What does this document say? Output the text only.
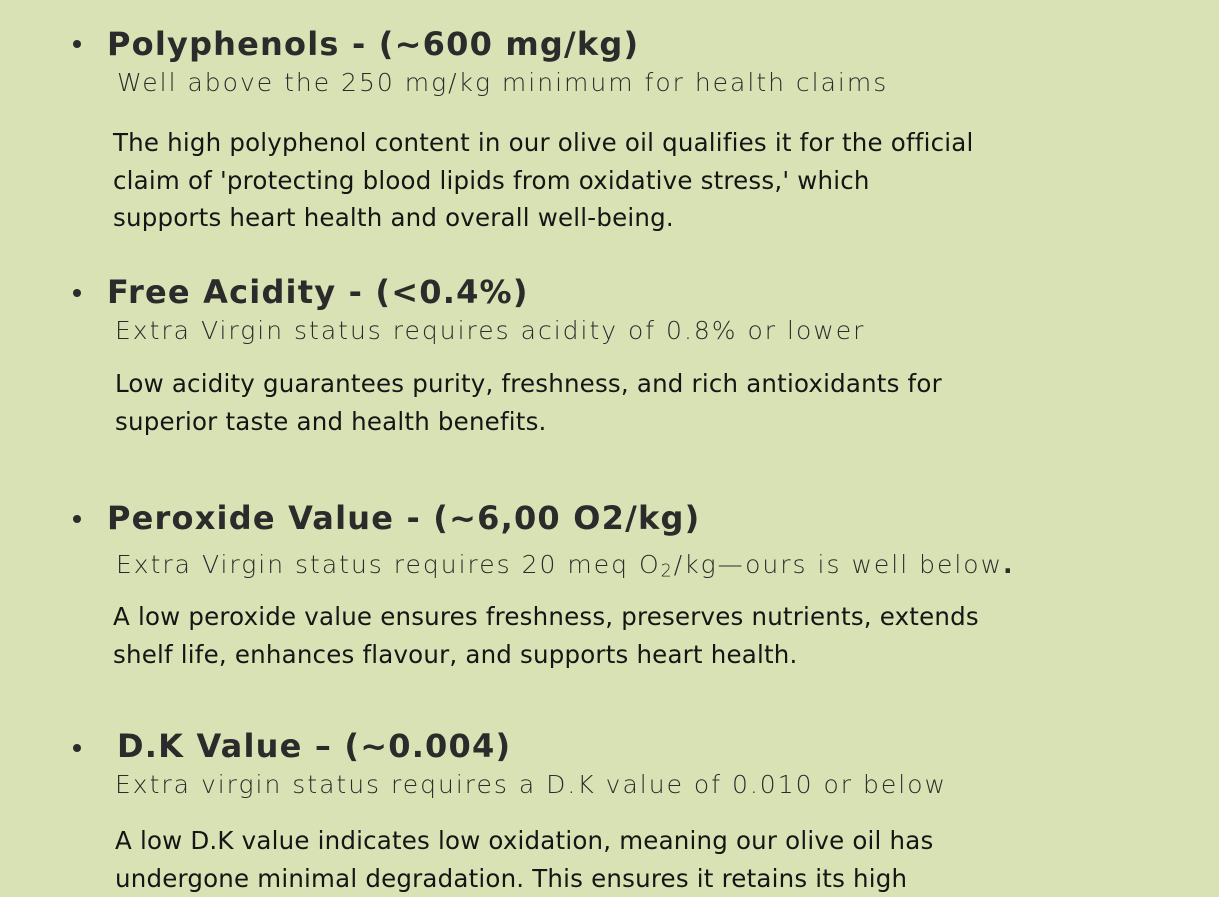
Polyphenols - (~600 mg/kg)
Well above the 250 mg/kg minimum for health claims
The high polyphenol content in our olive oil qualifies it for the official
claim of 'protecting blood lipids from oxidative stress,' which
supports heart health and overall well-being.
Free Acidity - (<0.4%)
Extra Virgin status requires acidity of 0.8% or lower
Low acidity guarantees purity, freshness, and rich antioxidants for
superior taste and health benefits.
Peroxide Value - (~6,00 O2/kg)
Extra Virgin status requires 20 meq $O_2/kg—ours$ is well below.
A low peroxide value ensures freshness, preserves nutrients, extends
shelf life, enhances flavour, and supports heart health.
D.K Value – (~0.004)
Extra virgin status requires a D.K value of 0.010 or below
A low D.K value indicates low oxidation, meaning our olive oil has
undergone minimal degradation. This ensures it retains its high
